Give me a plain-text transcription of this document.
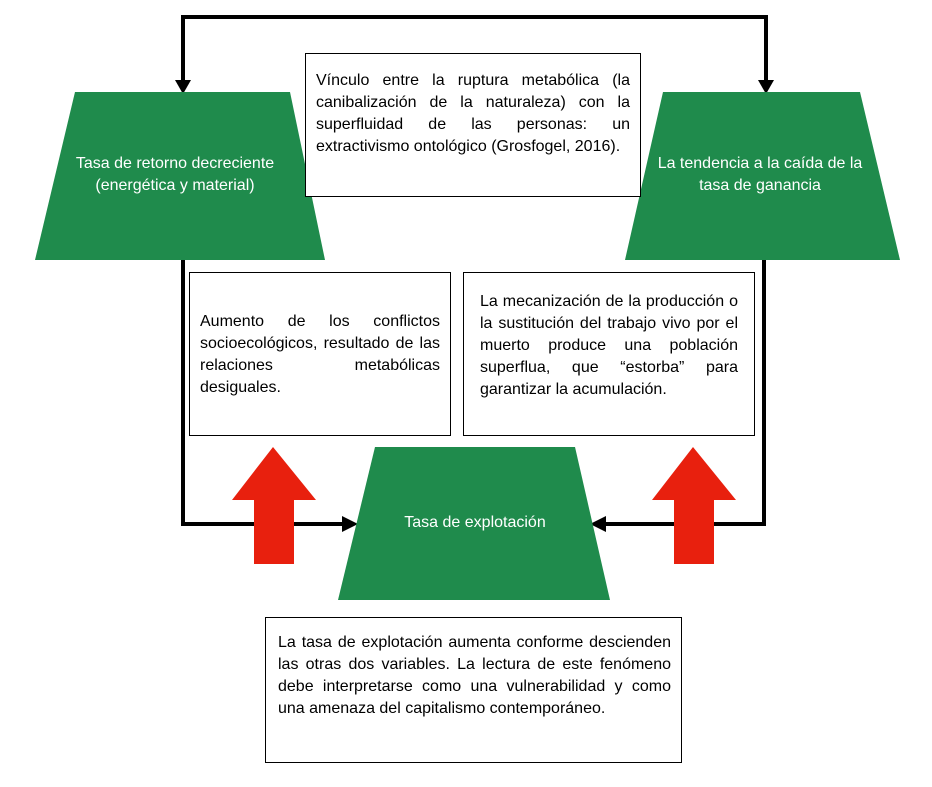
Tasa de retorno decreciente (energética y material)
La tendencia a la caída de la tasa de ganancia
Tasa de explotación
Vínculo entre la ruptura metabólica (la canibalización de la naturaleza) con la superfluidad de las personas: un extractivismo ontológico (Grosfogel, 2016).
Aumento de los conflictos socioecológicos, resultado de las relaciones metabólicas desiguales.
La mecanización de la producción o la sustitución del trabajo vivo por el muerto produce una población superflua, que “estorba” para garantizar la acumulación.
La tasa de explotación aumenta conforme descienden las otras dos variables. La lectura de este fenómeno debe interpretarse como una vulnerabilidad y como una amenaza del capitalismo contemporáneo.
